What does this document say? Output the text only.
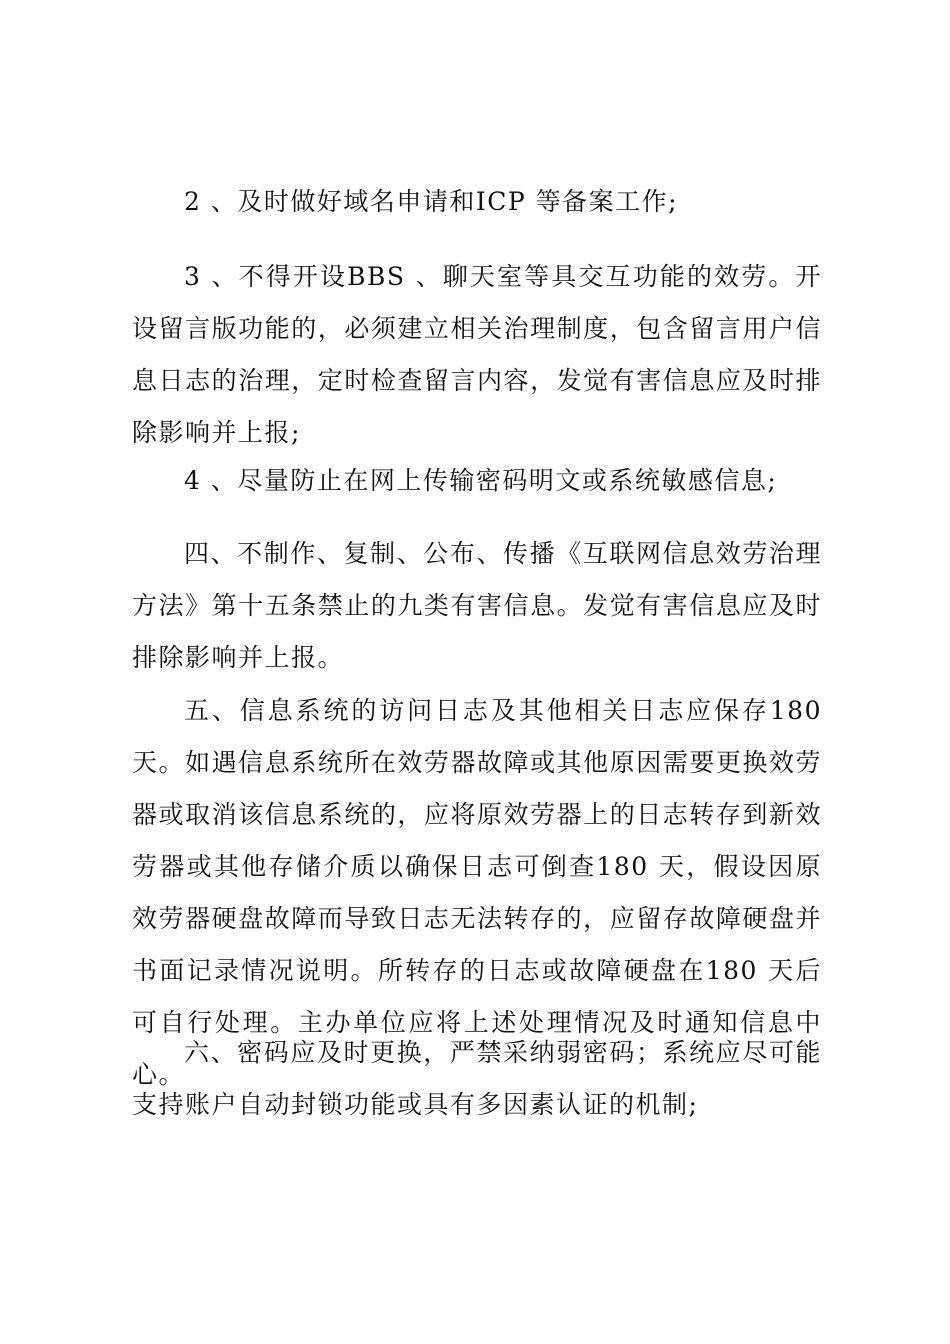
2 、及时做好域名申请和ICP 等备案工作;

3 、不得开设BBS 、聊天室等具交互功能的效劳。开设留言版功能的，必须建立相关治理制度，包含留言用户信息日志的治理，定时检查留言内容，发觉有害信息应及时排除影响并上报;

4 、尽量防止在网上传输密码明文或系统敏感信息;

四、不制作、复制、公布、传播《互联网信息效劳治理方法》第十五条禁止的九类有害信息。发觉有害信息应及时排除影响并上报。

五、信息系统的访问日志及其他相关日志应保存180 天。如遇信息系统所在效劳器故障或其他原因需要更换效劳器或取消该信息系统的，应将原效劳器上的日志转存到新效劳器或其他存储介质以确保日志可倒查180 天，假设因原效劳器硬盘故障而导致日志无法转存的，应留存故障硬盘并书面记录情况说明。所转存的日志或故障硬盘在180 天后可自行处理。主办单位应将上述处理情况及时通知信息中心。

六、密码应及时更换，严禁采纳弱密码；系统应尽可能支持账户自动封锁功能或具有多因素认证的机制;
